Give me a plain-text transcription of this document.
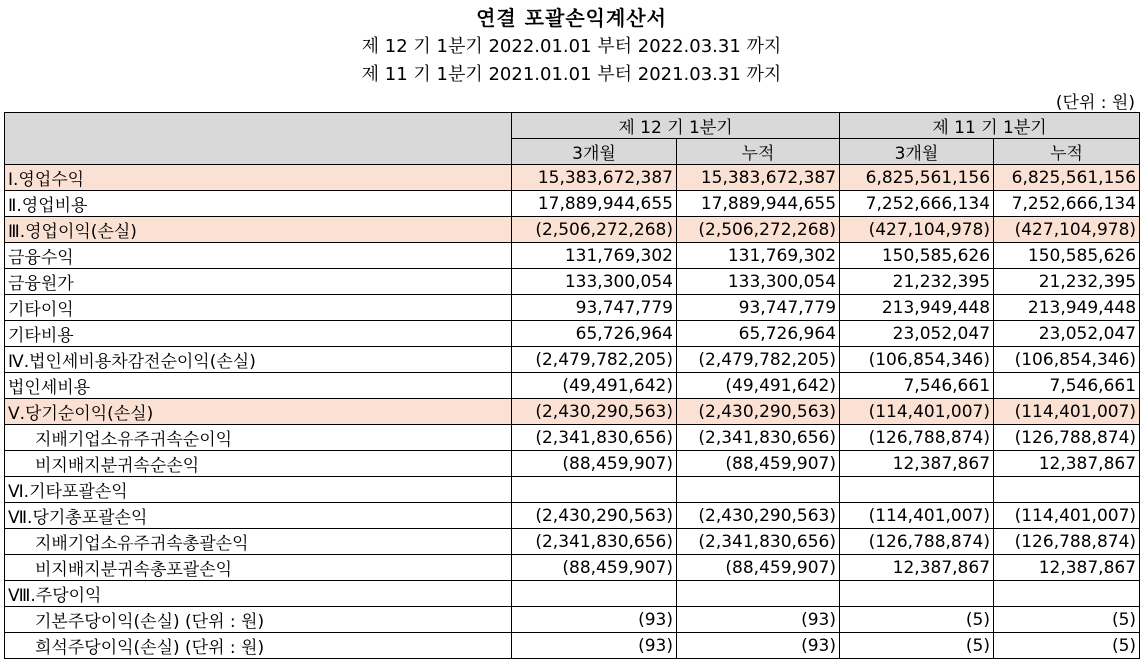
연결 포괄손익계산서
제 12 기 1분기 2022.01.01 부터 2022.03.31 까지
제 11 기 1분기 2021.01.01 부터 2021.03.31 까지
(단위 : 원)
	제 12 기 1분기		제 11 기 1분기	
	3개월	누적	3개월	누적
Ⅰ.영업수익	15,383,672,387	15,383,672,387	6,825,561,156	6,825,561,156
Ⅱ.영업비용	17,889,944,655	17,889,944,655	7,252,666,134	7,252,666,134
Ⅲ.영업이익(손실)	(2,506,272,268)	(2,506,272,268)	(427,104,978)	(427,104,978)
금융수익	131,769,302	131,769,302	150,585,626	150,585,626
금융원가	133,300,054	133,300,054	21,232,395	21,232,395
기타이익	93,747,779	93,747,779	213,949,448	213,949,448
기타비용	65,726,964	65,726,964	23,052,047	23,052,047
Ⅳ.법인세비용차감전순이익(손실)	(2,479,782,205)	(2,479,782,205)	(106,854,346)	(106,854,346)
법인세비용	(49,491,642)	(49,491,642)	7,546,661	7,546,661
Ⅴ.당기순이익(손실)	(2,430,290,563)	(2,430,290,563)	(114,401,007)	(114,401,007)
지배기업소유주귀속순이익	(2,341,830,656)	(2,341,830,656)	(126,788,874)	(126,788,874)
비지배지분귀속순손익	(88,459,907)	(88,459,907)	12,387,867	12,387,867
Ⅵ.기타포괄손익				
Ⅶ.당기총포괄손익	(2,430,290,563)	(2,430,290,563)	(114,401,007)	(114,401,007)
지배기업소유주귀속총괄손익	(2,341,830,656)	(2,341,830,656)	(126,788,874)	(126,788,874)
비지배지분귀속총포괄손익	(88,459,907)	(88,459,907)	12,387,867	12,387,867
Ⅷ.주당이익				
기본주당이익(손실) (단위 : 원)	(93)	(93)	(5)	(5)
희석주당이익(손실) (단위 : 원)	(93)	(93)	(5)	(5)
